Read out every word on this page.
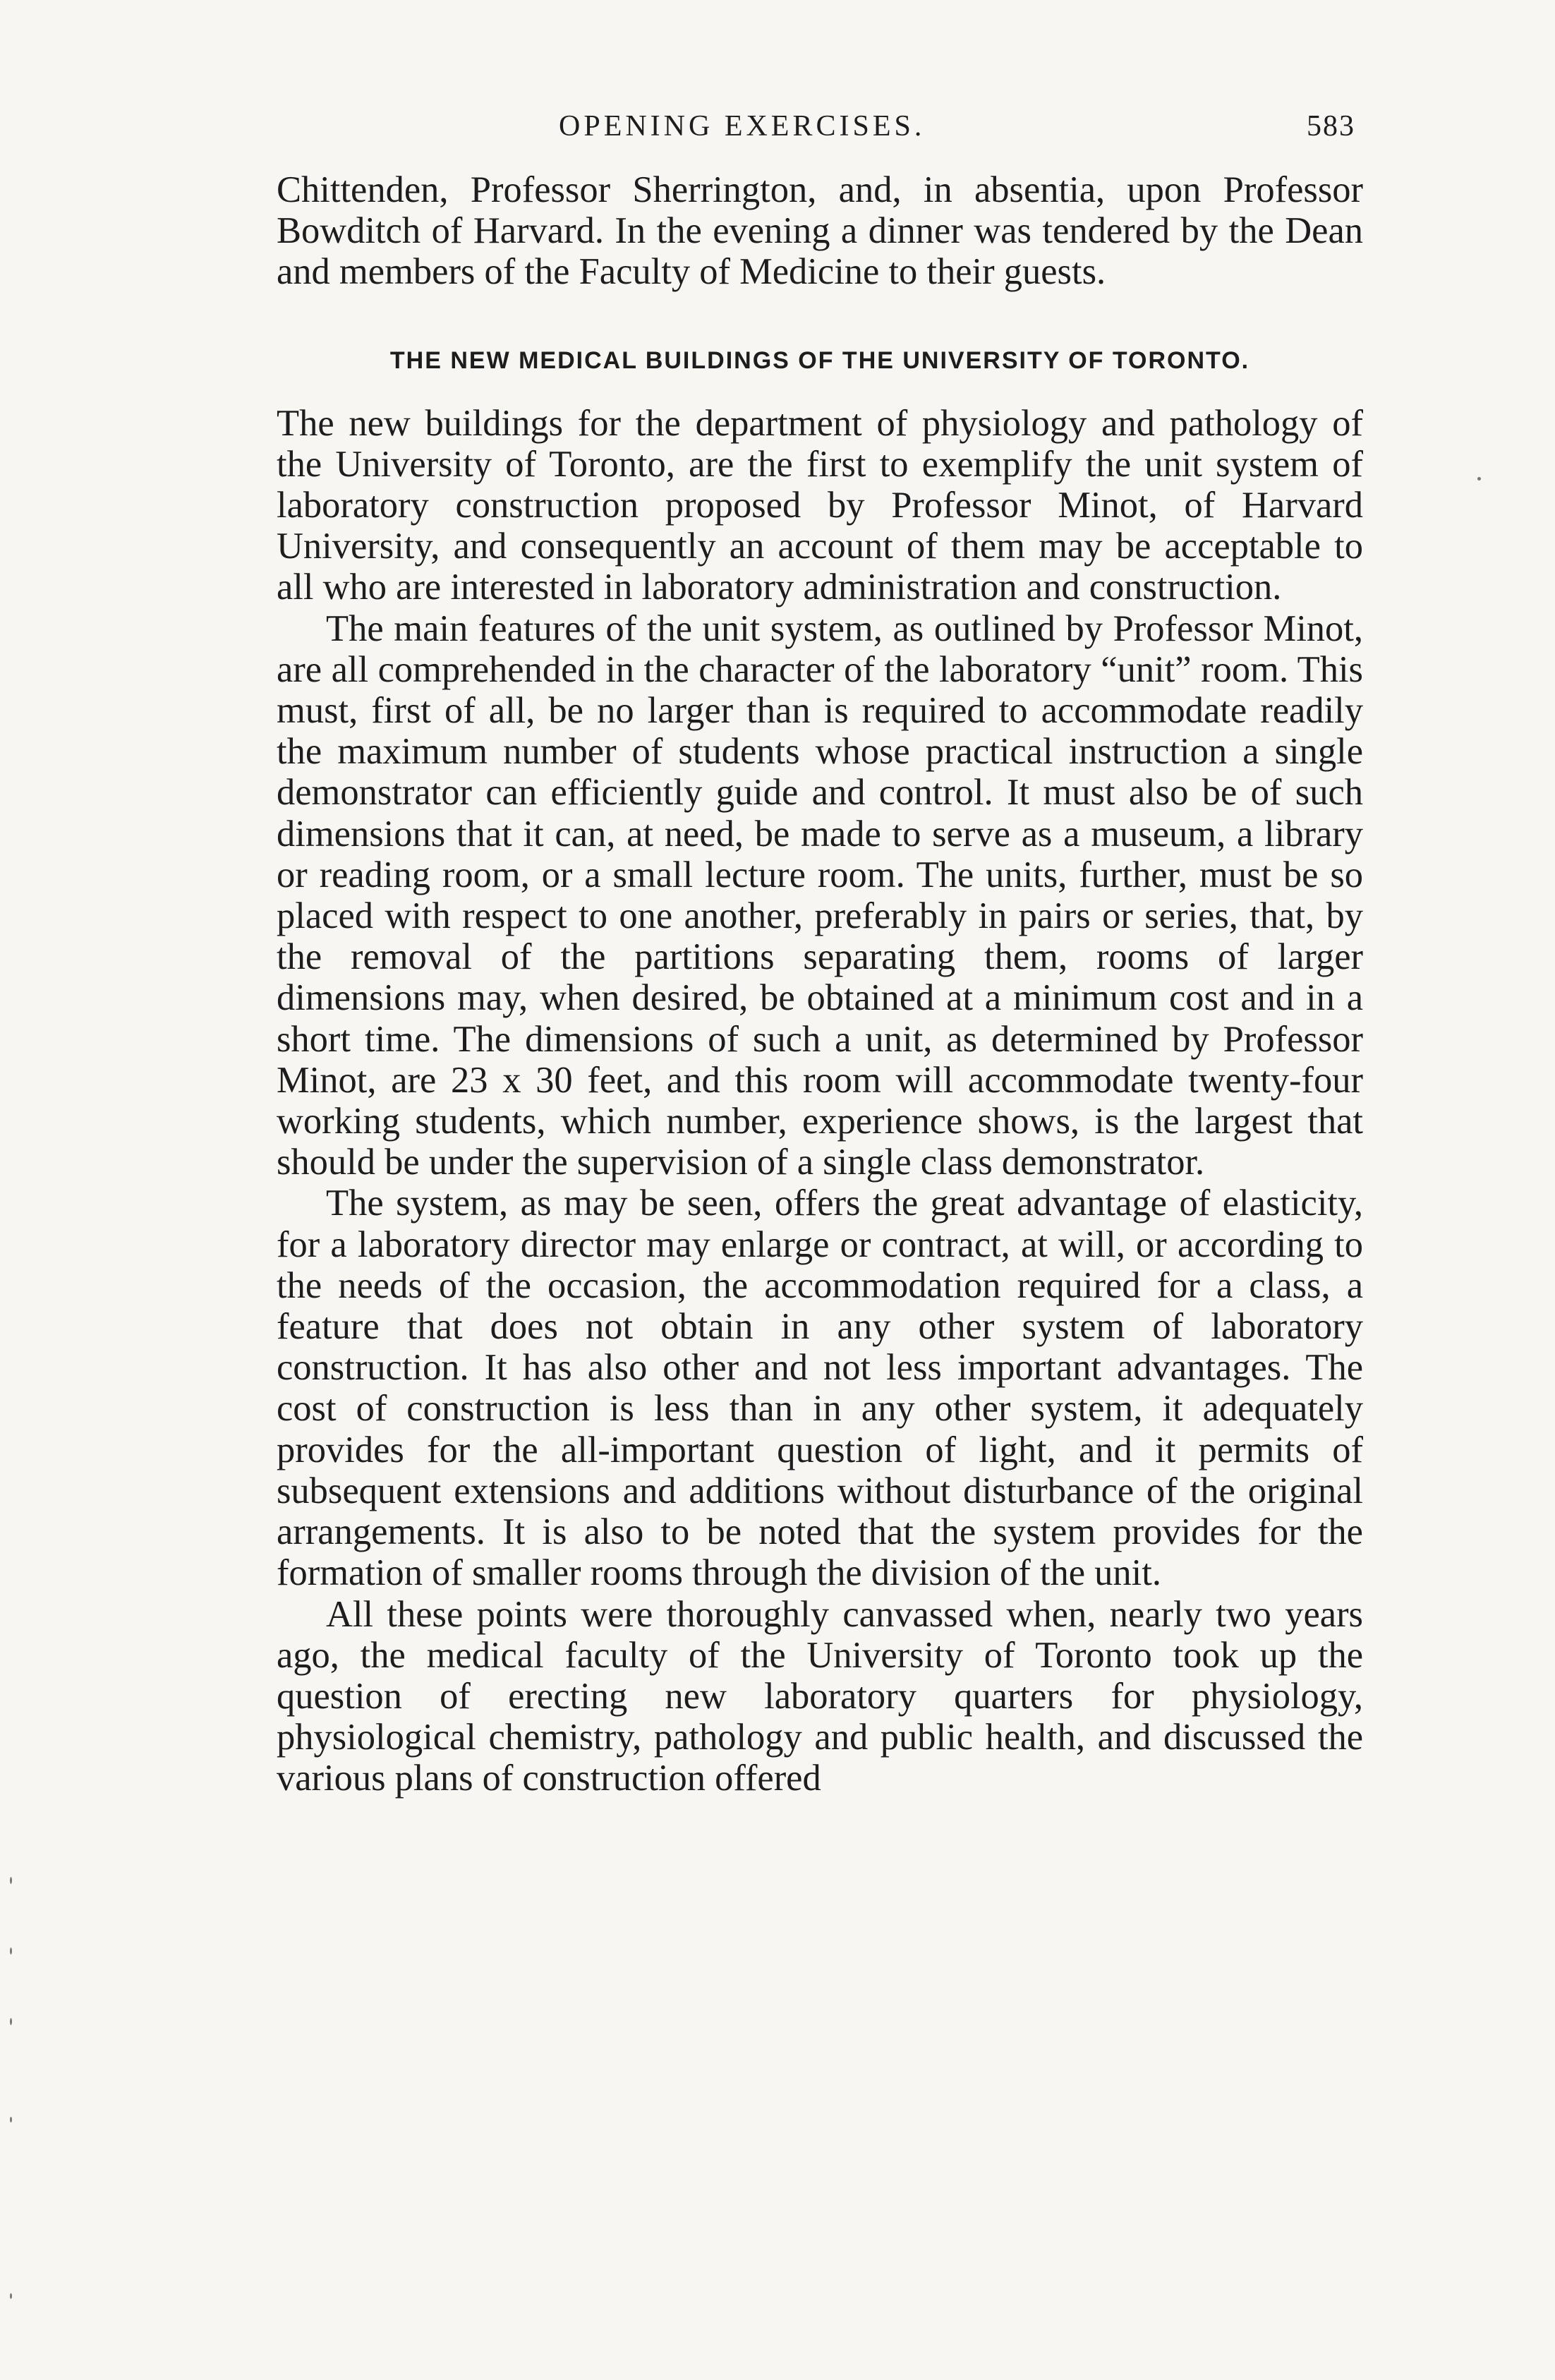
OPENING EXERCISES.	583

Chittenden, Professor Sherrington, and, in absentia, upon Professor Bowditch of Harvard. In the evening a dinner was tendered by the Dean and members of the Faculty of Medicine to their guests.

THE NEW MEDICAL BUILDINGS OF THE UNIVERSITY OF TORONTO.

The new buildings for the department of physiology and pathology of the University of Toronto, are the first to exemplify the unit system of laboratory construction proposed by Professor Minot, of Harvard University, and consequently an account of them may be acceptable to all who are interested in laboratory administration and construction.

The main features of the unit system, as outlined by Professor Minot, are all comprehended in the character of the laboratory “unit” room. This must, first of all, be no larger than is required to accommodate readily the maximum number of students whose practical instruction a single demonstrator can efficiently guide and control. It must also be of such dimensions that it can, at need, be made to serve as a museum, a library or reading room, or a small lecture room. The units, further, must be so placed with respect to one another, preferably in pairs or series, that, by the removal of the partitions separating them, rooms of larger dimensions may, when desired, be obtained at a minimum cost and in a short time. The dimensions of such a unit, as determined by Professor Minot, are 23 x 30 feet, and this room will accommodate twenty-four working students, which number, experience shows, is the largest that should be under the supervision of a single class demonstrator.

The system, as may be seen, offers the great advantage of elasticity, for a laboratory director may enlarge or contract, at will, or according to the needs of the occasion, the accommodation required for a class, a feature that does not obtain in any other system of laboratory construction. It has also other and not less important advantages. The cost of construction is less than in any other system, it adequately provides for the all-important question of light, and it permits of subsequent extensions and additions without disturbance of the original arrangements. It is also to be noted that the system provides for the formation of smaller rooms through the division of the unit.

All these points were thoroughly canvassed when, nearly two years ago, the medical faculty of the University of Toronto took up the question of erecting new laboratory quarters for physiology, physiological chemistry, pathology and public health, and discussed the various plans of construction offered
